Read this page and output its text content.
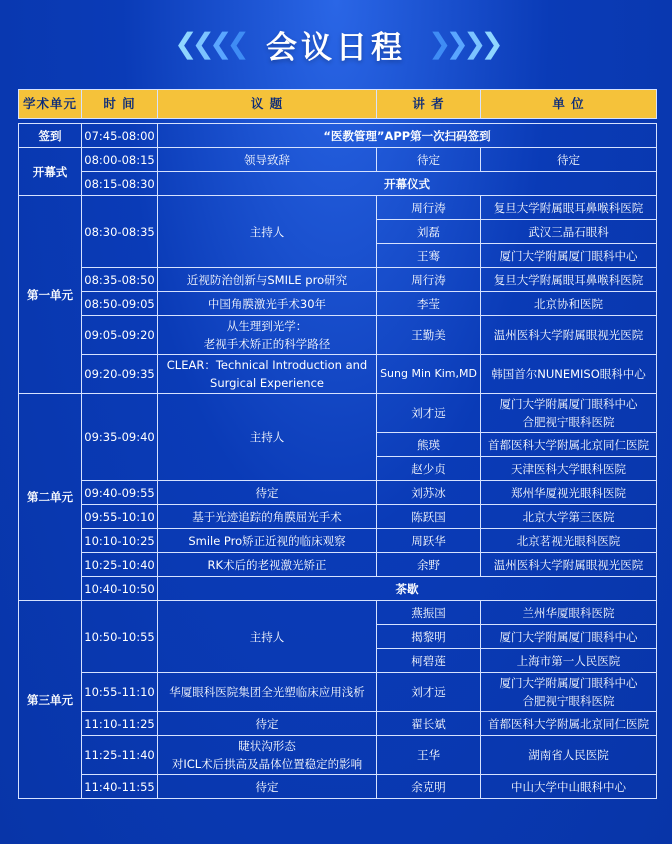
❮ ❮ ❮ ❮ 会议日程 ❯ ❯ ❯ ❯
学术单元	时 间	议 题	讲 者	单 位

签到	07:45-08:00	“医教管理”APP第一次扫码签到		
开幕式	08:00-08:15	领导致辞	待定	待定
	08:15-08:30	开幕仪式		
第一单元	08:30-08:35	主持人	周行涛	复旦大学附属眼耳鼻喉科医院
			刘磊	武汉三晶石眼科
			王骞	厦门大学附属厦门眼科中心
	08:35-08:50	近视防治创新与SMILE pro研究	周行涛	复旦大学附属眼耳鼻喉科医院
	08:50-09:05	中国角膜激光手术30年	李莹	北京协和医院
	09:05-09:20	从生理到光学：
老视手术矫正的科学路径	王勤美	温州医科大学附属眼视光医院
	09:20-09:35	CLEAR：Technical Introduction and
Surgical Experience	Sung Min Kim,MD	韩国首尔NUNEMISO眼科中心
第二单元	09:35-09:40	主持人	刘才远	厦门大学附属厦门眼科中心
合肥视宁眼科医院

			熊瑛	首都医科大学附属北京同仁医院
			赵少贞	天津医科大学眼科医院
	09:40-09:55	待定	刘苏冰	郑州华厦视光眼科医院
	09:55-10:10	基于光迹追踪的角膜屈光手术	陈跃国	北京大学第三医院
	10:10-10:25	Smile Pro矫正近视的临床观察	周跃华	北京茗视光眼科医院
	10:25-10:40	RK术后的老视激光矫正	余野	温州医科大学附属眼视光医院
	10:40-10:50	茶歇		
第三单元	10:50-10:55	主持人	燕振国	兰州华厦眼科医院
			揭黎明	厦门大学附属厦门眼科中心
			柯碧莲	上海市第一人民医院
	10:55-11:10	华厦眼科医院集团全光塑临床应用浅析	刘才远	厦门大学附属厦门眼科中心
合肥视宁眼科医院

	11:10-11:25	待定	翟长斌	首都医科大学附属北京同仁医院
	11:25-11:40	睫状沟形态
对ICL术后拱高及晶体位置稳定的影响	王华	湖南省人民医院
	11:40-11:55	待定	余克明	中山大学中山眼科中心
